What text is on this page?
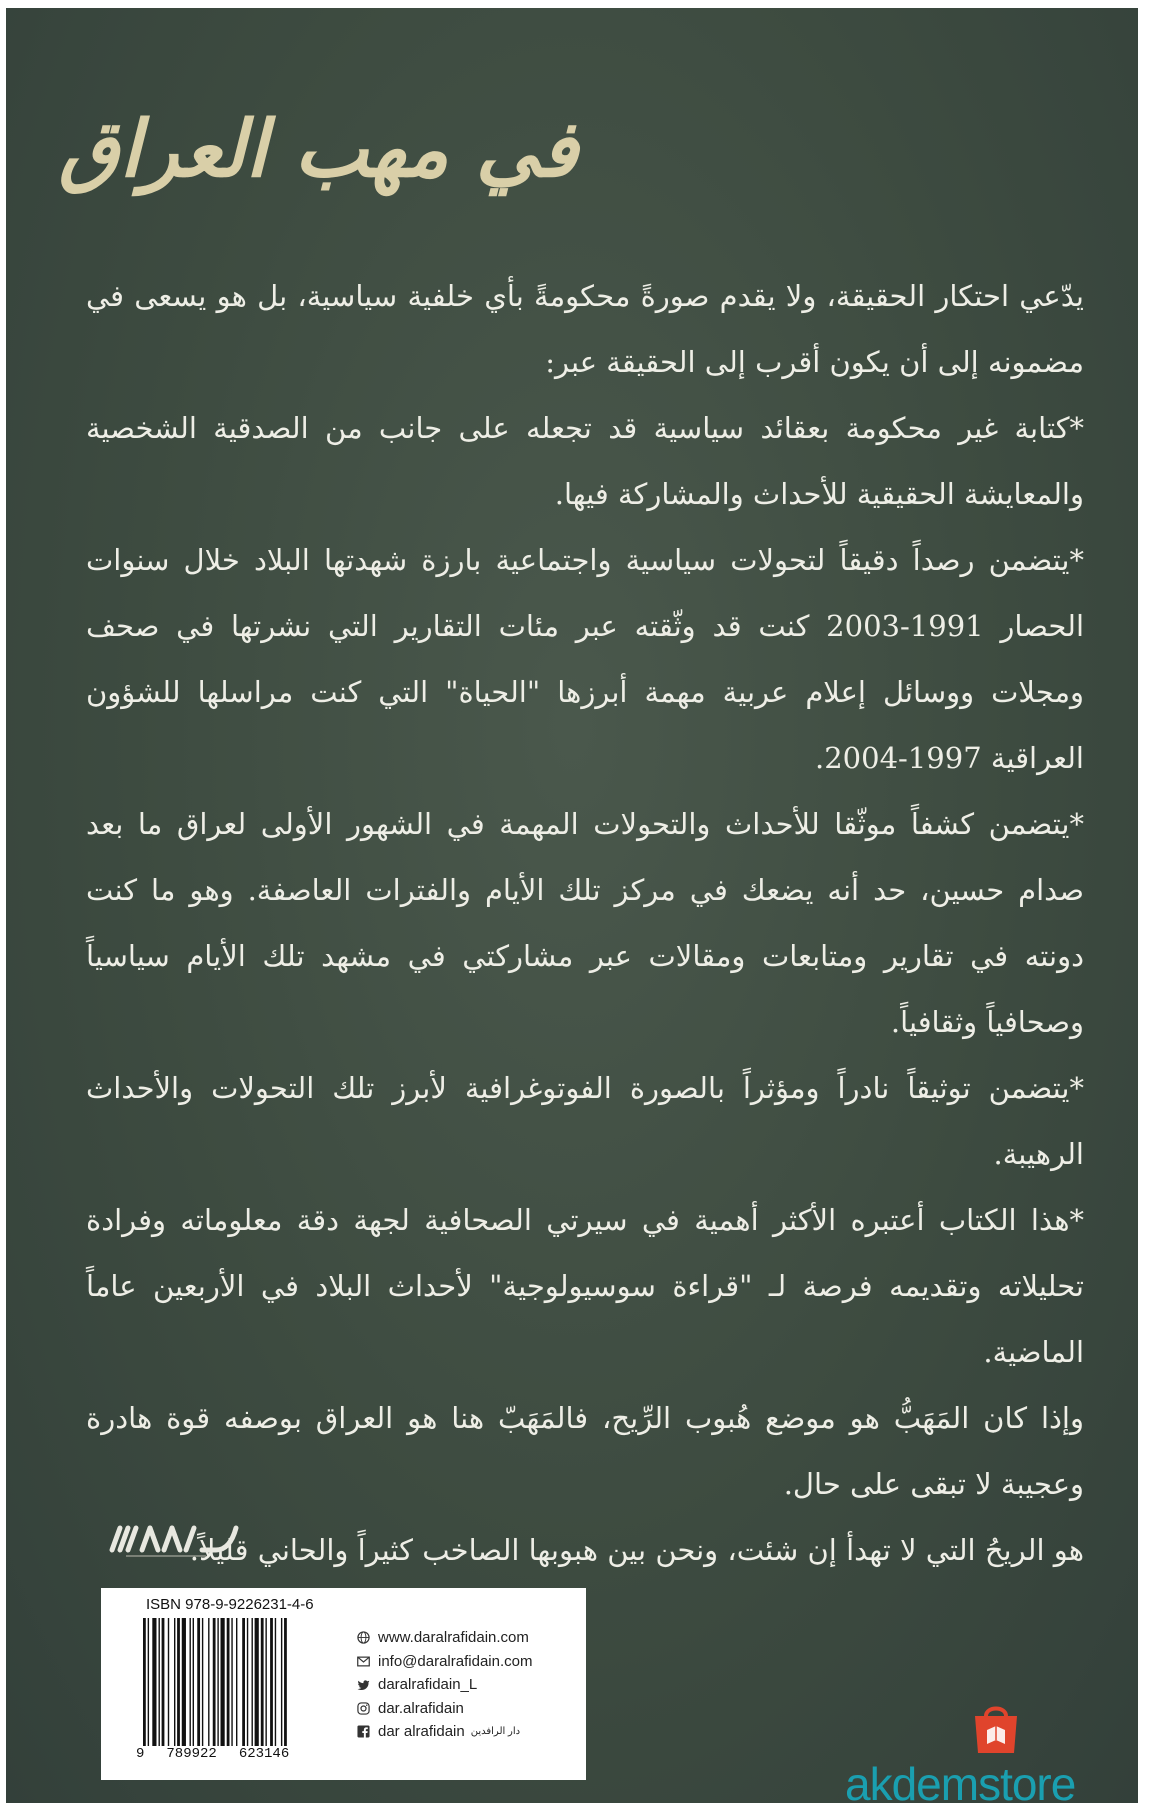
في مهب العراق

يدّعي احتكار الحقيقة، ولا يقدم صورةً محكومةً بأي خلفية سياسية، بل هو يسعى في مضمونه إلى أن يكون أقرب إلى الحقيقة عبر:

*كتابة غير محكومة بعقائد سياسية قد تجعله على جانب من الصدقية الشخصية والمعايشة الحقيقية للأحداث والمشاركة فيها.

*يتضمن رصداً دقيقاً لتحولات سياسية واجتماعية بارزة شهدتها البلاد خلال سنوات الحصار 1991-2003 كنت قد وثّقته عبر مئات التقارير التي نشرتها في صحف ومجلات ووسائل إعلام عربية مهمة أبرزها "الحياة" التي كنت مراسلها للشؤون العراقية 1997-2004.

*يتضمن كشفاً موثّقا للأحداث والتحولات المهمة في الشهور الأولى لعراق ما بعد صدام حسين، حد أنه يضعك في مركز تلك الأيام والفترات العاصفة. وهو ما كنت دونته في تقارير ومتابعات ومقالات عبر مشاركتي في مشهد تلك الأيام سياسياً وصحافياً وثقافياً.

*يتضمن توثيقاً نادراً ومؤثراً بالصورة الفوتوغرافية لأبرز تلك التحولات والأحداث الرهيبة.

*هذا الكتاب أعتبره الأكثر أهمية في سيرتي الصحافية لجهة دقة معلوماته وفرادة تحليلاته وتقديمه فرصة لـ "قراءة سوسيولوجية" لأحداث البلاد في الأربعين عاماً الماضية.

وإذا كان المَهَبُّ هو موضع هُبوب الرِّيح، فالمَهَبّ هنا هو العراق بوصفه قوة هادرة وعجيبة لا تبقى على حال.

هو الريحُ التي لا تهدأ إن شئت، ونحن بين هبوبها الصاخب كثيراً والحاني قليلاً.

ISBN 978-9-9226231-4-6
9 789922 623146
www.daralrafidain.com
info@daralrafidain.com
daralrafidain_L
dar.alrafidain
dar alrafidain دار الرافدين
akdemstore
